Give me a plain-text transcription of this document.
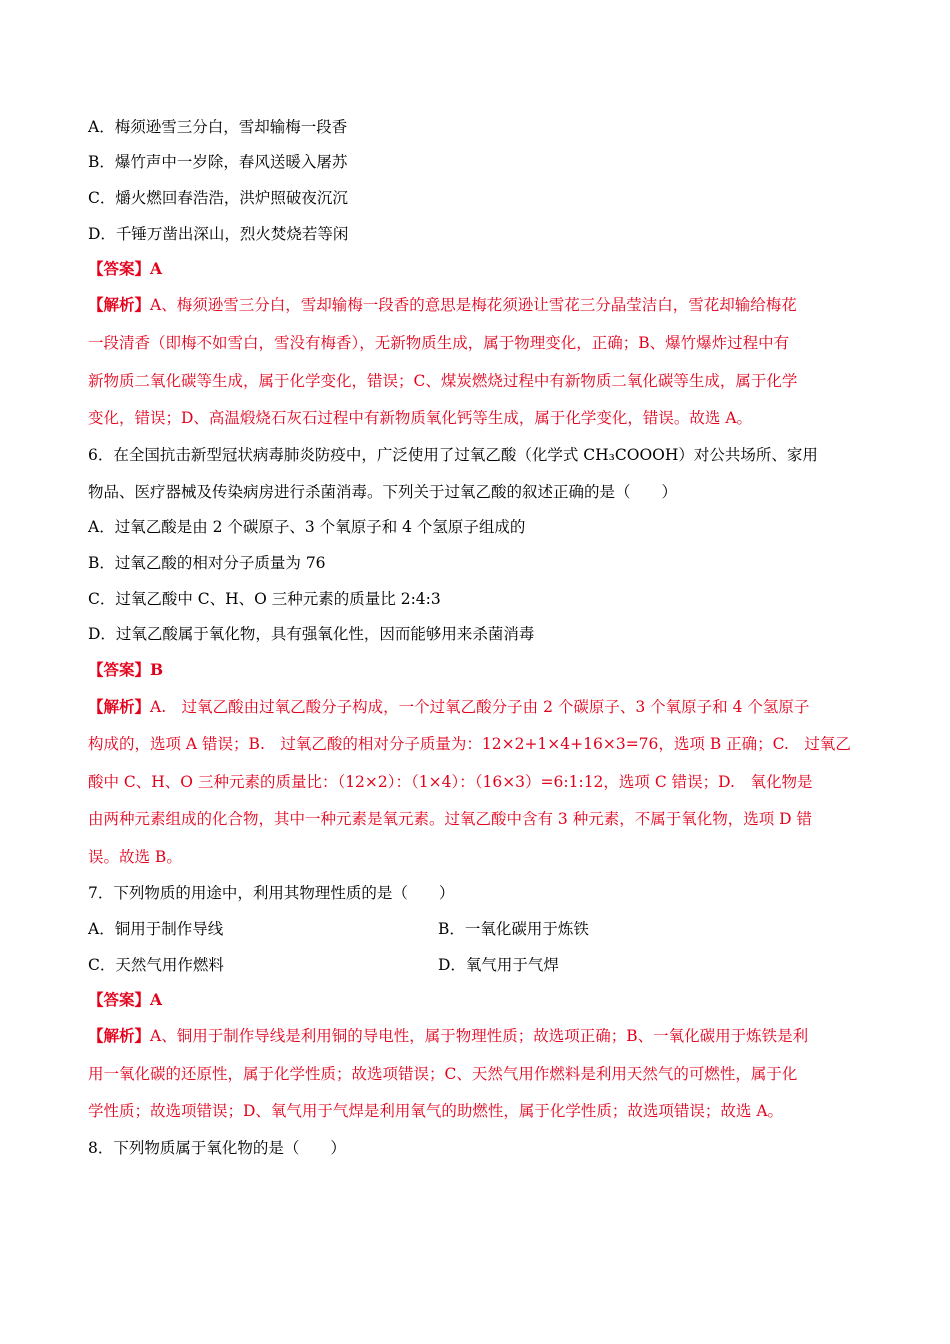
A．梅须逊雪三分白，雪却输梅一段香
B．爆竹声中一岁除，春风送暖入屠苏
C．爝火燃回春浩浩，洪炉照破夜沉沉
D．千锤万凿出深山，烈火焚烧若等闲
【答案】A
【解析】A、梅须逊雪三分白，雪却输梅一段香的意思是梅花须逊让雪花三分晶莹洁白，雪花却输给梅花
一段清香（即梅不如雪白，雪没有梅香），无新物质生成，属于物理变化，正确；B、爆竹爆炸过程中有
新物质二氧化碳等生成，属于化学变化，错误；C、煤炭燃烧过程中有新物质二氧化碳等生成，属于化学
变化，错误；D、高温煅烧石灰石过程中有新物质氧化钙等生成，属于化学变化，错误。故选 A。
6．在全国抗击新型冠状病毒肺炎防疫中，广泛使用了过氧乙酸（化学式 CH₃COOOH）对公共场所、家用
物品、医疗器械及传染病房进行杀菌消毒。下列关于过氧乙酸的叙述正确的是（　　）
A．过氧乙酸是由 2 个碳原子、3 个氧原子和 4 个氢原子组成的
B．过氧乙酸的相对分子质量为 76
C．过氧乙酸中 C、H、O 三种元素的质量比 2:4:3
D．过氧乙酸属于氧化物，具有强氧化性，因而能够用来杀菌消毒
【答案】B
【解析】A.　过氧乙酸由过氧乙酸分子构成，一个过氧乙酸分子由 2 个碳原子、3 个氧原子和 4 个氢原子
构成的，选项 A 错误；B.　过氧乙酸的相对分子质量为：12×2+1×4+16×3=76，选项 B 正确；C.　过氧乙
酸中 C、H、O 三种元素的质量比：（12×2）：（1×4）：（16×3）=6:1:12，选项 C 错误；D.　氧化物是
由两种元素组成的化合物，其中一种元素是氧元素。过氧乙酸中含有 3 种元素，不属于氧化物，选项 D 错
误。故选 B。
7．下列物质的用途中，利用其物理性质的是（　　）
A．铜用于制作导线	B．一氧化碳用于炼铁
C．天然气用作燃料	D．氧气用于气焊
【答案】A
【解析】A、铜用于制作导线是利用铜的导电性，属于物理性质；故选项正确；B、一氧化碳用于炼铁是利
用一氧化碳的还原性，属于化学性质；故选项错误；C、天然气用作燃料是利用天然气的可燃性，属于化
学性质；故选项错误；D、氧气用于气焊是利用氧气的助燃性，属于化学性质；故选项错误；故选 A。
8．下列物质属于氧化物的是（　　）
